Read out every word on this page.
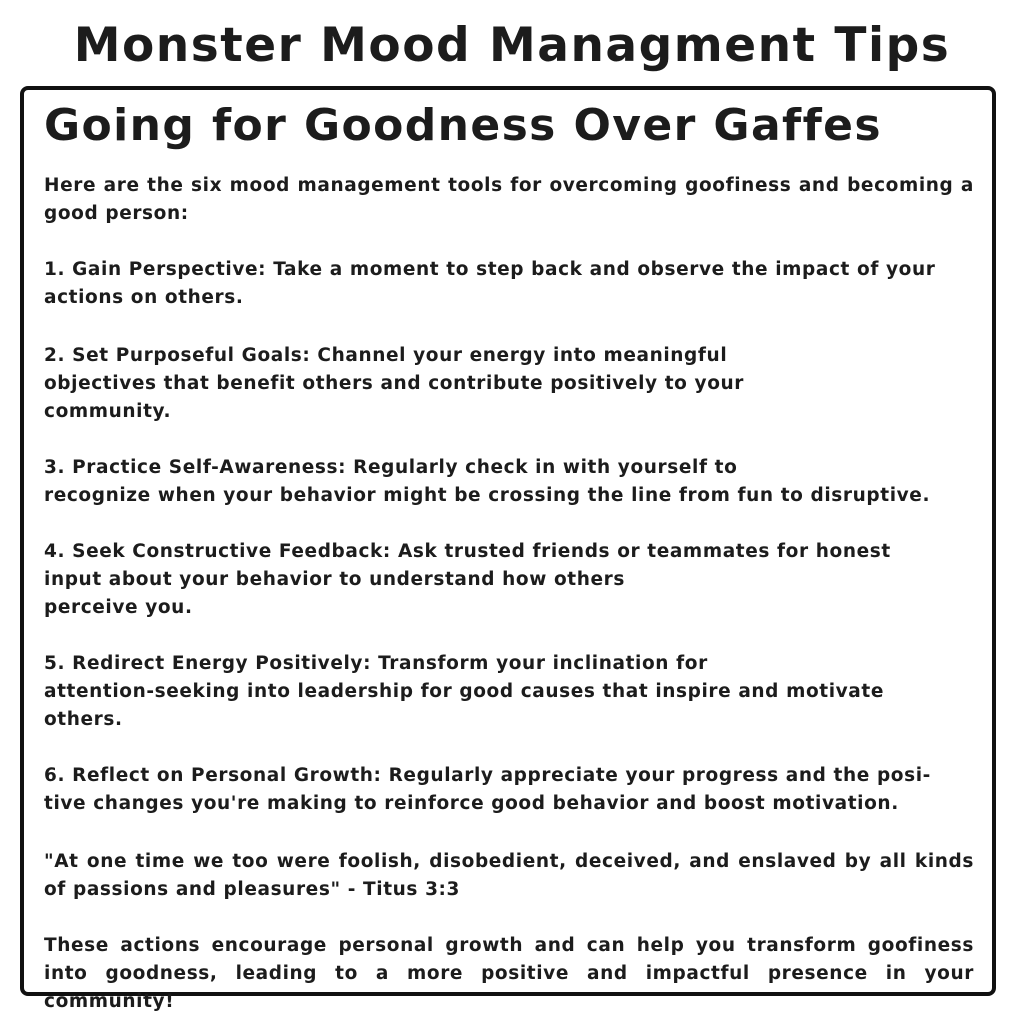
Monster Mood Managment Tips
Going for Goodness Over Gaffes

Here are the six mood management tools for overcoming goofiness and becoming a good person:

1. Gain Perspective: Take a moment to step back and observe the impact of your
actions on others.
2. Set Purposeful Goals: Channel your energy into meaningful
objectives that benefit others and contribute positively to your
community.
3. Practice Self-Awareness: Regularly check in with yourself to
recognize when your behavior might be crossing the line from fun to disruptive.
4. Seek Constructive Feedback: Ask trusted friends or teammates for honest
input about your behavior to understand how others
perceive you.
5. Redirect Energy Positively: Transform your inclination for
attention-seeking into leadership for good causes that inspire and motivate
others.
6. Reflect on Personal Growth: Regularly appreciate your progress and the posi-
tive changes you're making to reinforce good behavior and boost motivation.

"At one time we too were foolish, disobedient, deceived, and enslaved by all kinds of passions and pleasures" - Titus 3:3

These actions encourage personal growth and can help you transform goofiness into goodness, leading to a more positive and impactful presence in your community!
